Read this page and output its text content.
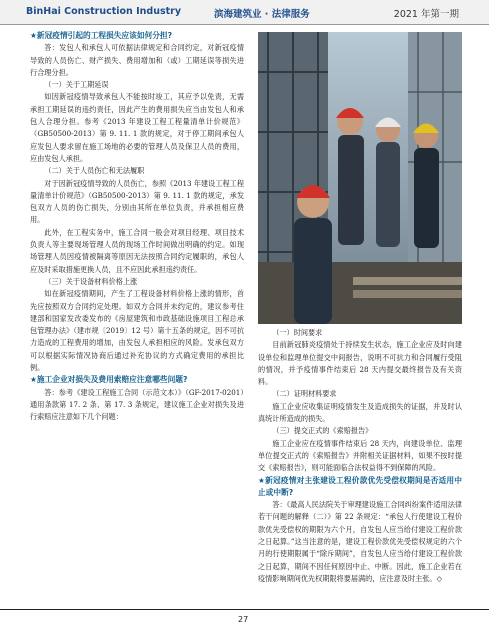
BinHai Construction Industry	滨海建筑业 · 法律服务	2021 年第一期
★新冠疫情引起的工程损失应该如何分担?

答：发包人和承包人可依据法律规定和合同约定，对新冠疫情导致的人员伤亡、财产损失、费用增加和（或）工期延误等损失进行合理分担。

（一）关于工期延误

如因新冠疫情导致承包人不能按时竣工，其应予以免责，无需承担工期延误的违约责任，因此产生的费用损失应当由发包人和承包人合理分担。参考《2013 年建设工程工程量清单计价规范》（GB50500-2013）第 9. 11. 1 款的规定，对于停工期间承包人应发包人要求留在施工场地的必要的管理人员及保卫人员的费用，应由发包人承担。

（二）关于人员伤亡和无法履职

对于因新冠疫情导致的人员伤亡，参照《2013 年建设工程工程量清单计价规范》（GB50500-2013）第 9. 11. 1 款的规定，承发包双方人员的伤亡损失，分别由其所在单位负责，并承担相应费用。

此外，在工程实务中，施工合同一般会对项目经理、项目技术负责人等主要现场管理人员的现场工作时间做出明确的约定。如现场管理人员因疫情被隔离等原因无法按照合同约定履职的，承包人应及时采取措施更换人员，且不应因此承担违约责任。

（三）关于设备材料价格上涨

如在新冠疫情期间，产生了工程设备材料价格上涨的情形，首先应按照双方合同约定处理。如双方合同并未约定的，建议参考住建部和国家发改委发布的《房屋建筑和市政基础设施项目工程总承包管理办法》（建市规〔2019〕12 号）第十五条的规定，因不可抗力造成的工程费用的增加，由发包人承担相应的风险。发承包双方可以根据实际情况协商后通过补充协议的方式确定费用的承担比例。

★施工企业对损失及费用索赔应注意哪些问题?

答：参考《建设工程施工合同（示范文本）》（GF-2017-0201）通用条款第 17. 2 条、第 17. 3 条规定，建议施工企业对损失及进行索赔应注意如下几个问题：

（一）时间要求

目前新冠肺炎疫情处于持续发生状态，施工企业应及时向建设单位和监理单位提交中间报告，说明不可抗力和合同履行受阻的情况，并予疫情事件结束后 28 天内提交最终报告及有关资料。

（二）证明材料要求

施工企业应收集证明疫情发生及造成损失的证据，并及时认真统计所造成的损失。

（三）提交正式的《索赔报告》

施工企业应在疫情事件结束后 28 天内，向建设单位、监理单位提交正式的《索赔报告》并附相关证据材料，如果不按时提交《索赔报告》，则可能面临合法权益得不到保障的风险。

★新冠疫情对主张建设工程价款优先受偿权期间是否适用中止或中断?

答：《最高人民法院关于审理建设施工合同纠纷案件适用法律若干问题的解释（二）》第 22 条规定：“承包人行使建设工程价款优先受偿权的期限为六个月，自发包人应当给付建设工程价款之日起算。”这当注意的是，建设工程价款优先受偿权规定的六个月的行使期限属于“除斥期间”，自发包人应当给付建设工程价款之日起算，期间不因任何原因中止、中断。因此，施工企业若在疫情影响期间优先权期限将要届满的，应注意及时主张。◇

27
